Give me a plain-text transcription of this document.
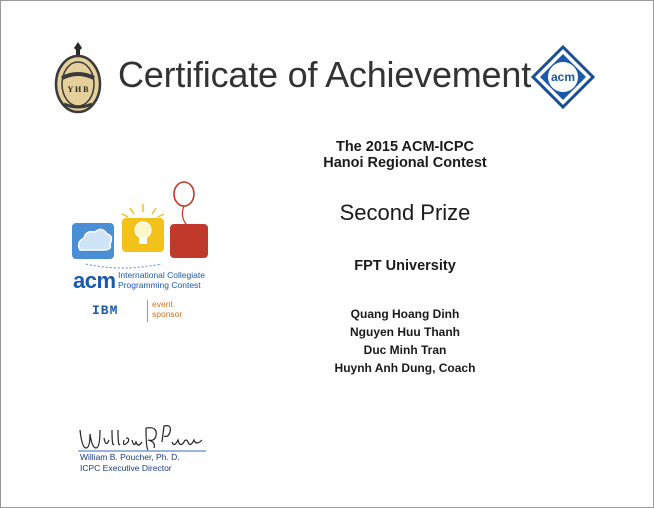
Y И B Certificate of Achievement acm
The 2015 ACM-ICPC
Hanoi Regional Contest
Second Prize
FPT University
Quang Hoang Dinh
Nguyen Huu Thanh
Duc Minh Tran
Huynh Anh Dung, Coach
acm International Collegiate
Programming Contest
IBM	event
sponsor
William B. Poucher, Ph. D.
ICPC Executive Director
